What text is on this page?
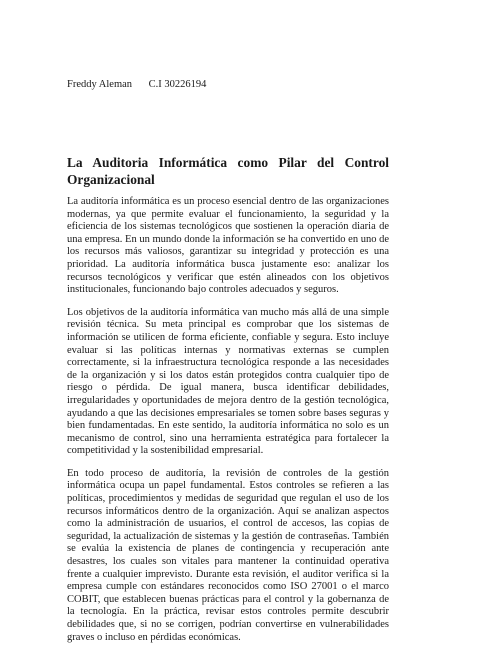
Freddy Aleman C.I 30226194
La Auditoria Informática como Pilar del Control Organizacional

La auditoría informática es un proceso esencial dentro de las organizaciones modernas, ya que permite evaluar el funcionamiento, la seguridad y la eficiencia de los sistemas tecnológicos que sostienen la operación diaria de una empresa. En un mundo donde la información se ha convertido en uno de los recursos más valiosos, garantizar su integridad y protección es una prioridad. La auditoría informática busca justamente eso: analizar los recursos tecnológicos y verificar que estén alineados con los objetivos institucionales, funcionando bajo controles adecuados y seguros.

Los objetivos de la auditoría informática van mucho más allá de una simple revisión técnica. Su meta principal es comprobar que los sistemas de información se utilicen de forma eficiente, confiable y segura. Esto incluye evaluar si las políticas internas y normativas externas se cumplen correctamente, si la infraestructura tecnológica responde a las necesidades de la organización y si los datos están protegidos contra cualquier tipo de riesgo o pérdida. De igual manera, busca identificar debilidades, irregularidades y oportunidades de mejora dentro de la gestión tecnológica, ayudando a que las decisiones empresariales se tomen sobre bases seguras y bien fundamentadas. En este sentido, la auditoría informática no solo es un mecanismo de control, sino una herramienta estratégica para fortalecer la competitividad y la sostenibilidad empresarial.

En todo proceso de auditoría, la revisión de controles de la gestión informática ocupa un papel fundamental. Estos controles se refieren a las políticas, procedimientos y medidas de seguridad que regulan el uso de los recursos informáticos dentro de la organización. Aquí se analizan aspectos como la administración de usuarios, el control de accesos, las copias de seguridad, la actualización de sistemas y la gestión de contraseñas. También se evalúa la existencia de planes de contingencia y recuperación ante desastres, los cuales son vitales para mantener la continuidad operativa frente a cualquier imprevisto. Durante esta revisión, el auditor verifica si la empresa cumple con estándares reconocidos como ISO 27001 o el marco COBIT, que establecen buenas prácticas para el control y la gobernanza de la tecnología. En la práctica, revisar estos controles permite descubrir debilidades que, si no se corrigen, podrían convertirse en vulnerabilidades graves o incluso en pérdidas económicas.
